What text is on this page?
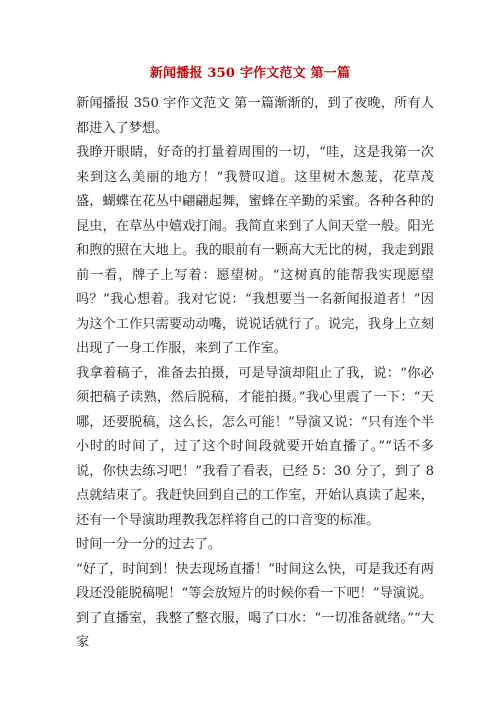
新闻播报 350 字作文范文 第一篇

新闻播报 350 字作文范文 第一篇渐渐的，到了夜晚，所有人都进入了梦想。

我睁开眼睛，好奇的打量着周围的一切，“哇，这是我第一次来到这么美丽的地方！”我赞叹道。这里树木葱茏，花草茂盛，蝴蝶在花丛中翩翩起舞，蜜蜂在辛勤的采蜜。各种各种的昆虫，在草丛中嬉戏打闹。我简直来到了人间天堂一般。阳光和煦的照在大地上。我的眼前有一颗高大无比的树，我走到跟前一看，牌子上写着：愿望树。“这树真的能帮我实现愿望吗？”我心想着。我对它说：“我想要当一名新闻报道者！”因为这个工作只需要动动嘴，说说话就行了。说完，我身上立刻出现了一身工作服，来到了工作室。

我拿着稿子，准备去拍摄，可是导演却阻止了我，说：“你必须把稿子读熟，然后脱稿，才能拍摄。”我心里震了一下：“天哪，还要脱稿，这么长，怎么可能！”导演又说：“只有连个半小时的时间了，过了这个时间段就要开始直播了。”“话不多说，你快去练习吧！”我看了看表，已经 5：30 分了，到了 8 点就结束了。我赶快回到自己的工作室，开始认真读了起来，还有一个导演助理教我怎样将自己的口音变的标准。

时间一分一分的过去了。

“好了，时间到！快去现场直播！”时间这么快，可是我还有两段还没能脱稿呢！“等会放短片的时候你看一下吧！”导演说。

到了直播室，我整了整衣服，喝了口水：“一切准备就绪。”“大家
